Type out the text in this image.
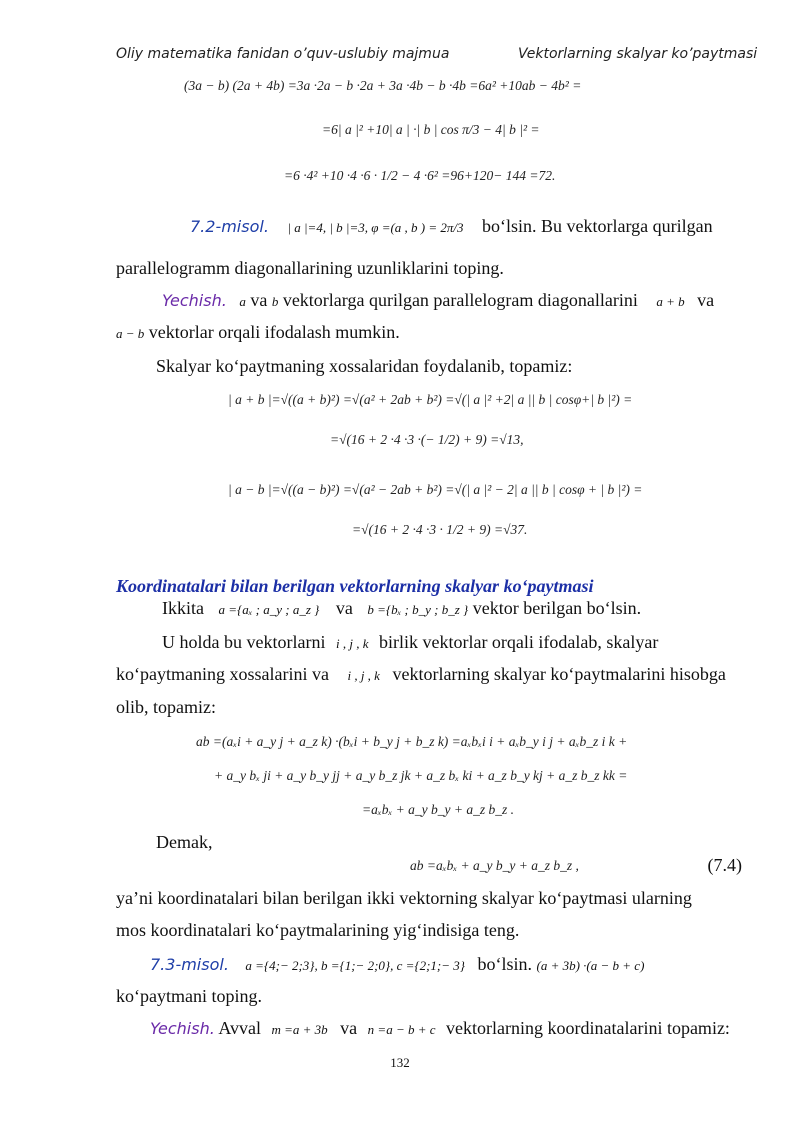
Oliy matematika fanidan o’quv-uslubiy majmua	Vektorlarning skalyar ko’paytmasi
(3a − b) (2a + 4b) =3a ·2a − b ·2a + 3a ·4b − b ·4b =6a² +10ab − 4b² =
=6| a |² +10| a | ·| b | cos π/3 − 4| b |² =
=6 ·4² +10 ·4 ·6 · 1/2 − 4 ·6² =96+120− 144 =72.
7.2-misol. | a |=4, | b |=3, φ =(a , b ) = 2π/3 bo‘lsin. Bu vektorlarga qurilgan
parallelogramm diagonallarining uzunliklarini toping.
Yechish. a va b vektorlarga qurilgan parallelogram diagonallarini a + b va
a − b vektorlar orqali ifodalash mumkin.
Skalyar ko‘paytmaning xossalaridan foydalanib, topamiz:
| a + b |=√((a + b)²) =√(a² + 2ab + b²) =√(| a |² +2| a || b | cosφ+| b |²) =
=√(16 + 2 ·4 ·3 ·(− 1/2) + 9) =√13,
| a − b |=√((a − b)²) =√(a² − 2ab + b²) =√(| a |² − 2| a || b | cosφ + | b |²) =
=√(16 + 2 ·4 ·3 · 1/2 + 9) =√37.
Koordinatalari bilan berilgan vektorlarning skalyar ko‘paytmasi
Ikkita a ={aₓ ; a_y ; a_z } va b ={bₓ ; b_y ; b_z } vektor berilgan bo‘lsin.
U holda bu vektorlarni i , j , k birlik vektorlar orqali ifodalab, skalyar
ko‘paytmaning xossalarini va i , j , k vektorlarning skalyar ko‘paytmalarini hisobga
olib, topamiz:
ab =(aₓi + a_y j + a_z k) ·(bₓi + b_y j + b_z k) =aₓbₓi i + aₓb_y i j + aₓb_z i k +
+ a_y bₓ ji + a_y b_y jj + a_y b_z jk + a_z bₓ ki + a_z b_y kj + a_z b_z kk =
=aₓbₓ + a_y b_y + a_z b_z .
Demak,
ab =aₓbₓ + a_y b_y + a_z b_z ,	(7.4)
ya’ni koordinatalari bilan berilgan ikki vektorning skalyar ko‘paytmasi ularning
mos koordinatalari ko‘paytmalarining yig‘indisiga teng.
7.3-misol. a ={4;− 2;3}, b ={1;− 2;0}, c ={2;1;− 3} bo‘lsin. (a + 3b) ·(a − b + c)
ko‘paytmani toping.
Yechish. Avval m =a + 3b va n =a − b + c vektorlarning koordinatalarini topamiz:
132
